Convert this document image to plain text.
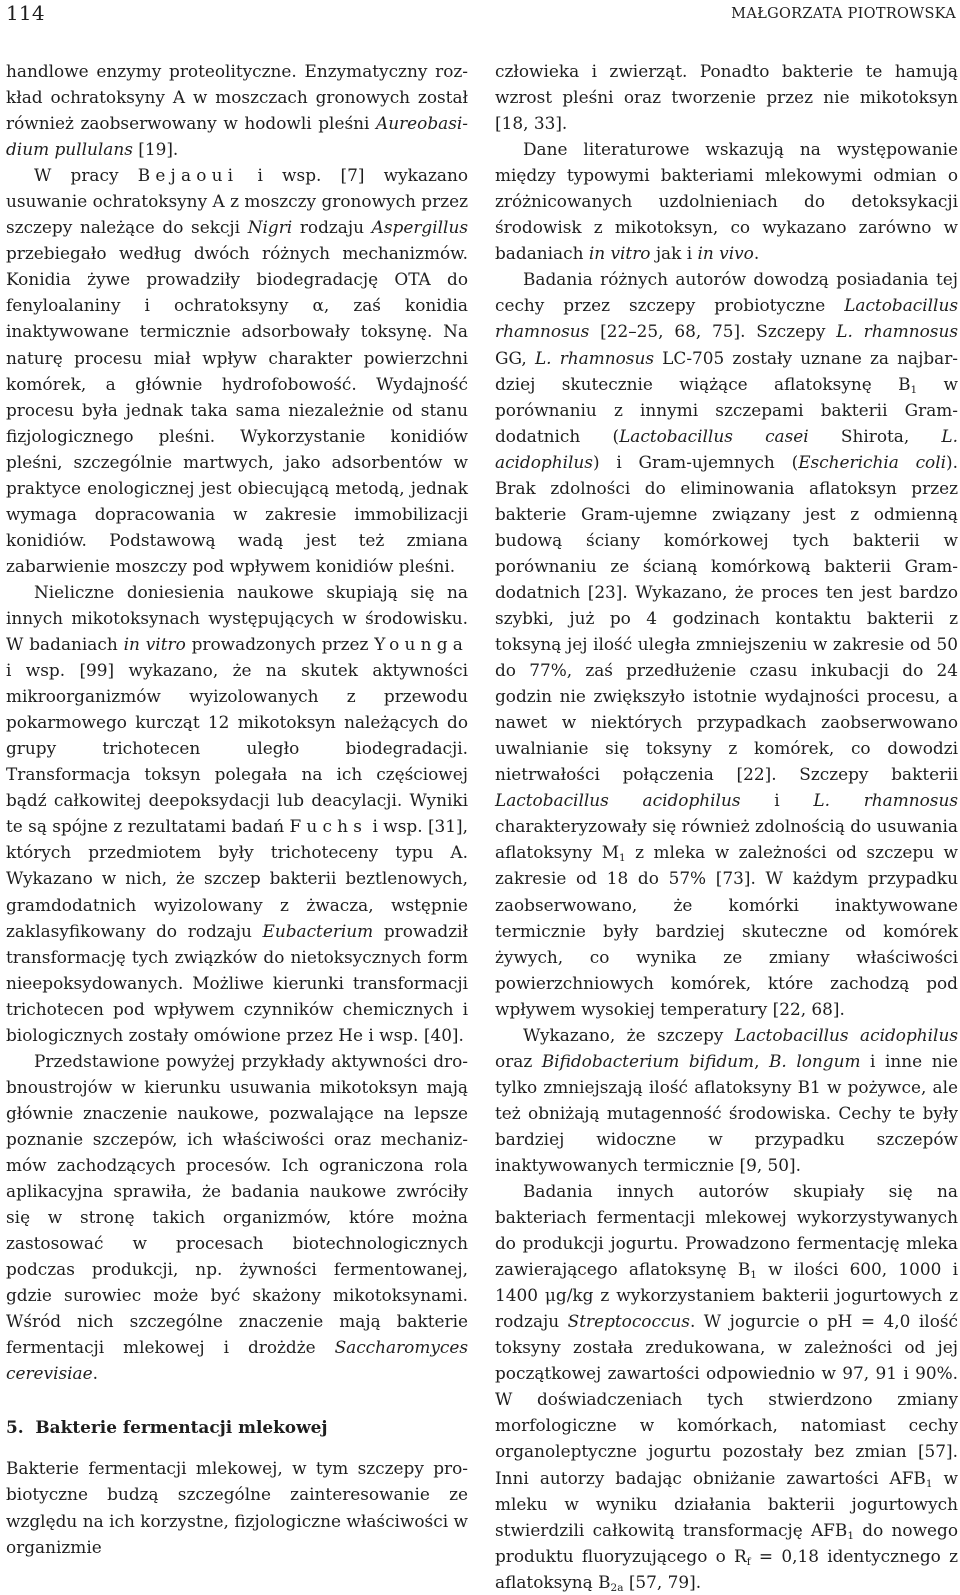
114	MAŁGORZATA PIOTROWSKA

handlowe enzymy proteolityczne. Enzymatyczny rozkład ochratoksyny A w moszczach gronowych został również zaobserwowany w hodowli pleśni Aureobasidium pullulans [19].

W pracy Bejaoui i wsp. [7] wykazano usuwanie ochratoksyny A z moszczy gronowych przez szczepy należące do sekcji Nigri rodzaju Aspergillus przebiegało według dwóch różnych mechanizmów. Konidia żywe prowadziły biodegradację OTA do fenyloalaniny i ochratoksyny α, zaś konidia inaktywowane termicznie adsorbowały toksynę. Na naturę procesu miał wpływ charakter powierzchni komórek, a głównie hydrofobowość. Wydajność procesu była jednak taka sama niezależnie od stanu fizjologicznego pleśni. Wykorzystanie konidiów pleśni, szczególnie martwych, jako adsorbentów w praktyce enologicznej jest obiecującą metodą, jednak wymaga dopracowania w zakresie immobilizacji konidiów. Podstawową wadą jest też zmiana zabarwienie moszczy pod wpływem konidiów pleśni.

Nieliczne doniesienia naukowe skupiają się na innych mikotoksynach występujących w środowisku. W badaniach in vitro prowadzonych przez Younga i wsp. [99] wykazano, że na skutek aktywności mikroorganizmów wyizolowanych z przewodu pokarmowego kurcząt 12 mikotoksyn należących do grupy trichotecen uległo biodegradacji. Transformacja toksyn polegała na ich częściowej bądź całkowitej deepoksydacji lub deacylacji. Wyniki te są spójne z rezultatami badań Fuchs i wsp. [31], których przedmiotem były trichoteceny typu A. Wykazano w nich, że szczep bakterii beztlenowych, gramdodatnich wyizolowany z żwacza, wstępnie zaklasyfikowany do rodzaju Eubacterium prowadził transformację tych związków do nietoksycznych form nieepoksydowanych. Możliwe kierunki transformacji trichotecen pod wpływem czynników chemicznych i biologicznych zostały omówione przez He i wsp. [40].

Przedstawione powyżej przykłady aktywności drobnoustrojów w kierunku usuwania mikotoksyn mają głównie znaczenie naukowe, pozwalające na lepsze poznanie szczepów, ich właściwości oraz mechanizmów zachodzących procesów. Ich ograniczona rola aplikacyjna sprawiła, że badania naukowe zwróciły się w stronę takich organizmów, które można zastosować w procesach biotechnologicznych podczas produkcji, np. żywności fermentowanej, gdzie surowiec może być skażony mikotoksynami. Wśród nich szczególne znaczenie mają bakterie fermentacji mlekowej i drożdże Saccharomyces cerevisiae.

5. Bakterie fermentacji mlekowej

Bakterie fermentacji mlekowej, w tym szczepy probiotyczne budzą szczególne zainteresowanie ze względu na ich korzystne, fizjologiczne właściwości w organizmie

człowieka i zwierząt. Ponadto bakterie te hamują wzrost pleśni oraz tworzenie przez nie mikotoksyn [18, 33].

Dane literaturowe wskazują na występowanie między typowymi bakteriami mlekowymi odmian o zróżnicowanych uzdolnieniach do detoksykacji środowisk z mikotoksyn, co wykazano zarówno w badaniach in vitro jak i in vivo.

Badania różnych autorów dowodzą posiadania tej cechy przez szczepy probiotyczne Lactobacillus rhamnosus [22–25, 68, 75]. Szczepy L. rhamnosus GG, L. rhamnosus LC-705 zostały uznane za najbardziej skutecznie wiążące aflatoksynę $B_1$ w porównaniu z innymi szczepami bakterii Gram-dodatnich (Lactobacillus casei Shirota, L. acidophilus) i Gram-ujemnych (Escherichia coli). Brak zdolności do eliminowania aflatoksyn przez bakterie Gram-ujemne związany jest z odmienną budową ściany komórkowej tych bakterii w porównaniu ze ścianą komórkową bakterii Gram-dodatnich [23]. Wykazano, że proces ten jest bardzo szybki, już po 4 godzinach kontaktu bakterii z toksyną jej ilość uległa zmniejszeniu w zakresie od 50 do 77%, zaś przedłużenie czasu inkubacji do 24 godzin nie zwiększyło istotnie wydajności procesu, a nawet w niektórych przypadkach zaobserwowano uwalnianie się toksyny z komórek, co dowodzi nietrwałości połączenia [22]. Szczepy bakterii Lactobacillus acidophilus i L. rhamnosus charakteryzowały się również zdolnością do usuwania aflatoksyny $M_1$ z mleka w zależności od szczepu w zakresie od 18 do 57% [73]. W każdym przypadku zaobserwowano, że komórki inaktywowane termicznie były bardziej skuteczne od komórek żywych, co wynika ze zmiany właściwości powierzchniowych komórek, które zachodzą pod wpływem wysokiej temperatury [22, 68].

Wykazano, że szczepy Lactobacillus acidophilus oraz Bifidobacterium bifidum, B. longum i inne nie tylko zmniejszają ilość aflatoksyny B1 w pożywce, ale też obniżają mutagenność środowiska. Cechy te były bardziej widoczne w przypadku szczepów inaktywowanych termicznie [9, 50].

Badania innych autorów skupiały się na bakteriach fermentacji mlekowej wykorzystywanych do produkcji jogurtu. Prowadzono fermentację mleka zawierającego aflatoksynę $B_1$ w ilości 600, 1000 i 1400 μg/kg z wykorzystaniem bakterii jogurtowych z rodzaju Streptococcus. W jogurcie o pH = 4,0 ilość toksyny została zredukowana, w zależności od jej początkowej zawartości odpowiednio w 97, 91 i 90%. W doświadczeniach tych stwierdzono zmiany morfologiczne w komórkach, natomiast cechy organoleptyczne jogurtu pozostały bez zmian [57]. Inni autorzy badając obniżanie zawartości $AFB_1$ w mleku w wyniku działania bakterii jogurtowych stwierdzili całkowitą transformację $AFB_1$ do nowego produktu fluoryzującego o $R_f = 0,18$ identycznego z aflatoksyną $B_{2a}$ [57, 79].
